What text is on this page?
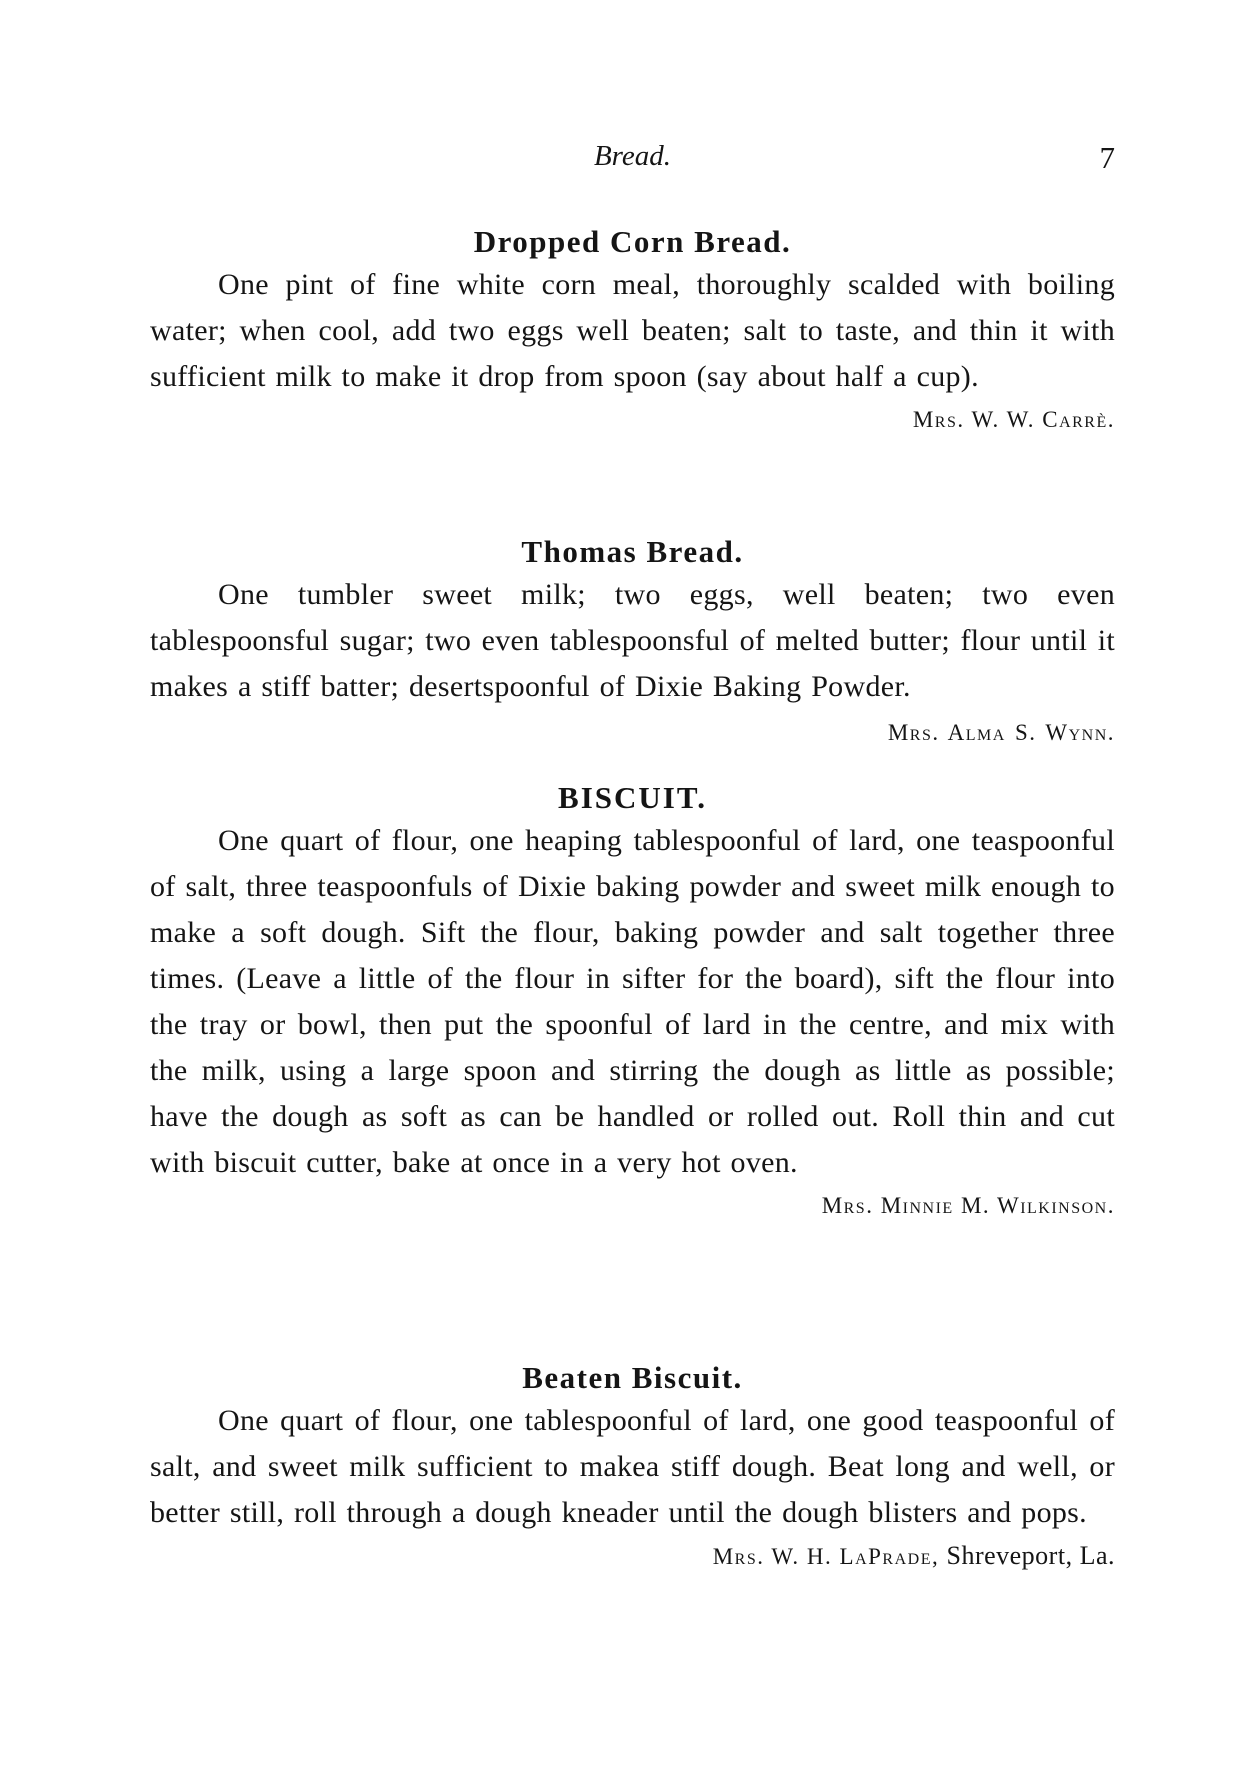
Bread.	7
Dropped Corn Bread.

One pint of fine white corn meal, thoroughly scalded with boiling water; when cool, add two eggs well beaten; salt to taste, and thin it with sufficient milk to make it drop from spoon (say about half a cup).

Mrs. W. W. Carrè.
Thomas Bread.

One tumbler sweet milk; two eggs, well beaten; two even tablespoonsful sugar; two even tablespoonsful of melted butter; flour until it makes a stiff batter; desertspoonful of Dixie Baking Powder.
Mrs. Alma S. Wynn.

BISCUIT.

One quart of flour, one heaping tablespoonful of lard, one teaspoonful of salt, three teaspoonfuls of Dixie baking powder and sweet milk enough to make a soft dough. Sift the flour, baking powder and salt together three times. (Leave a little of the flour in sifter for the board), sift the flour into the tray or bowl, then put the spoonful of lard in the centre, and mix with the milk, using a large spoon and stirring the dough as little as possible; have the dough as soft as can be handled or rolled out. Roll thin and cut with biscuit cutter, bake at once in a very hot oven.

Mrs. Minnie M. Wilkinson.
Beaten Biscuit.

One quart of flour, one tablespoonful of lard, one good teaspoonful of salt, and sweet milk sufficient to makea stiff dough. Beat long and well, or better still, roll through a dough kneader until the dough blisters and pops.

Mrs. W. H. LaPrade, Shreveport, La.
